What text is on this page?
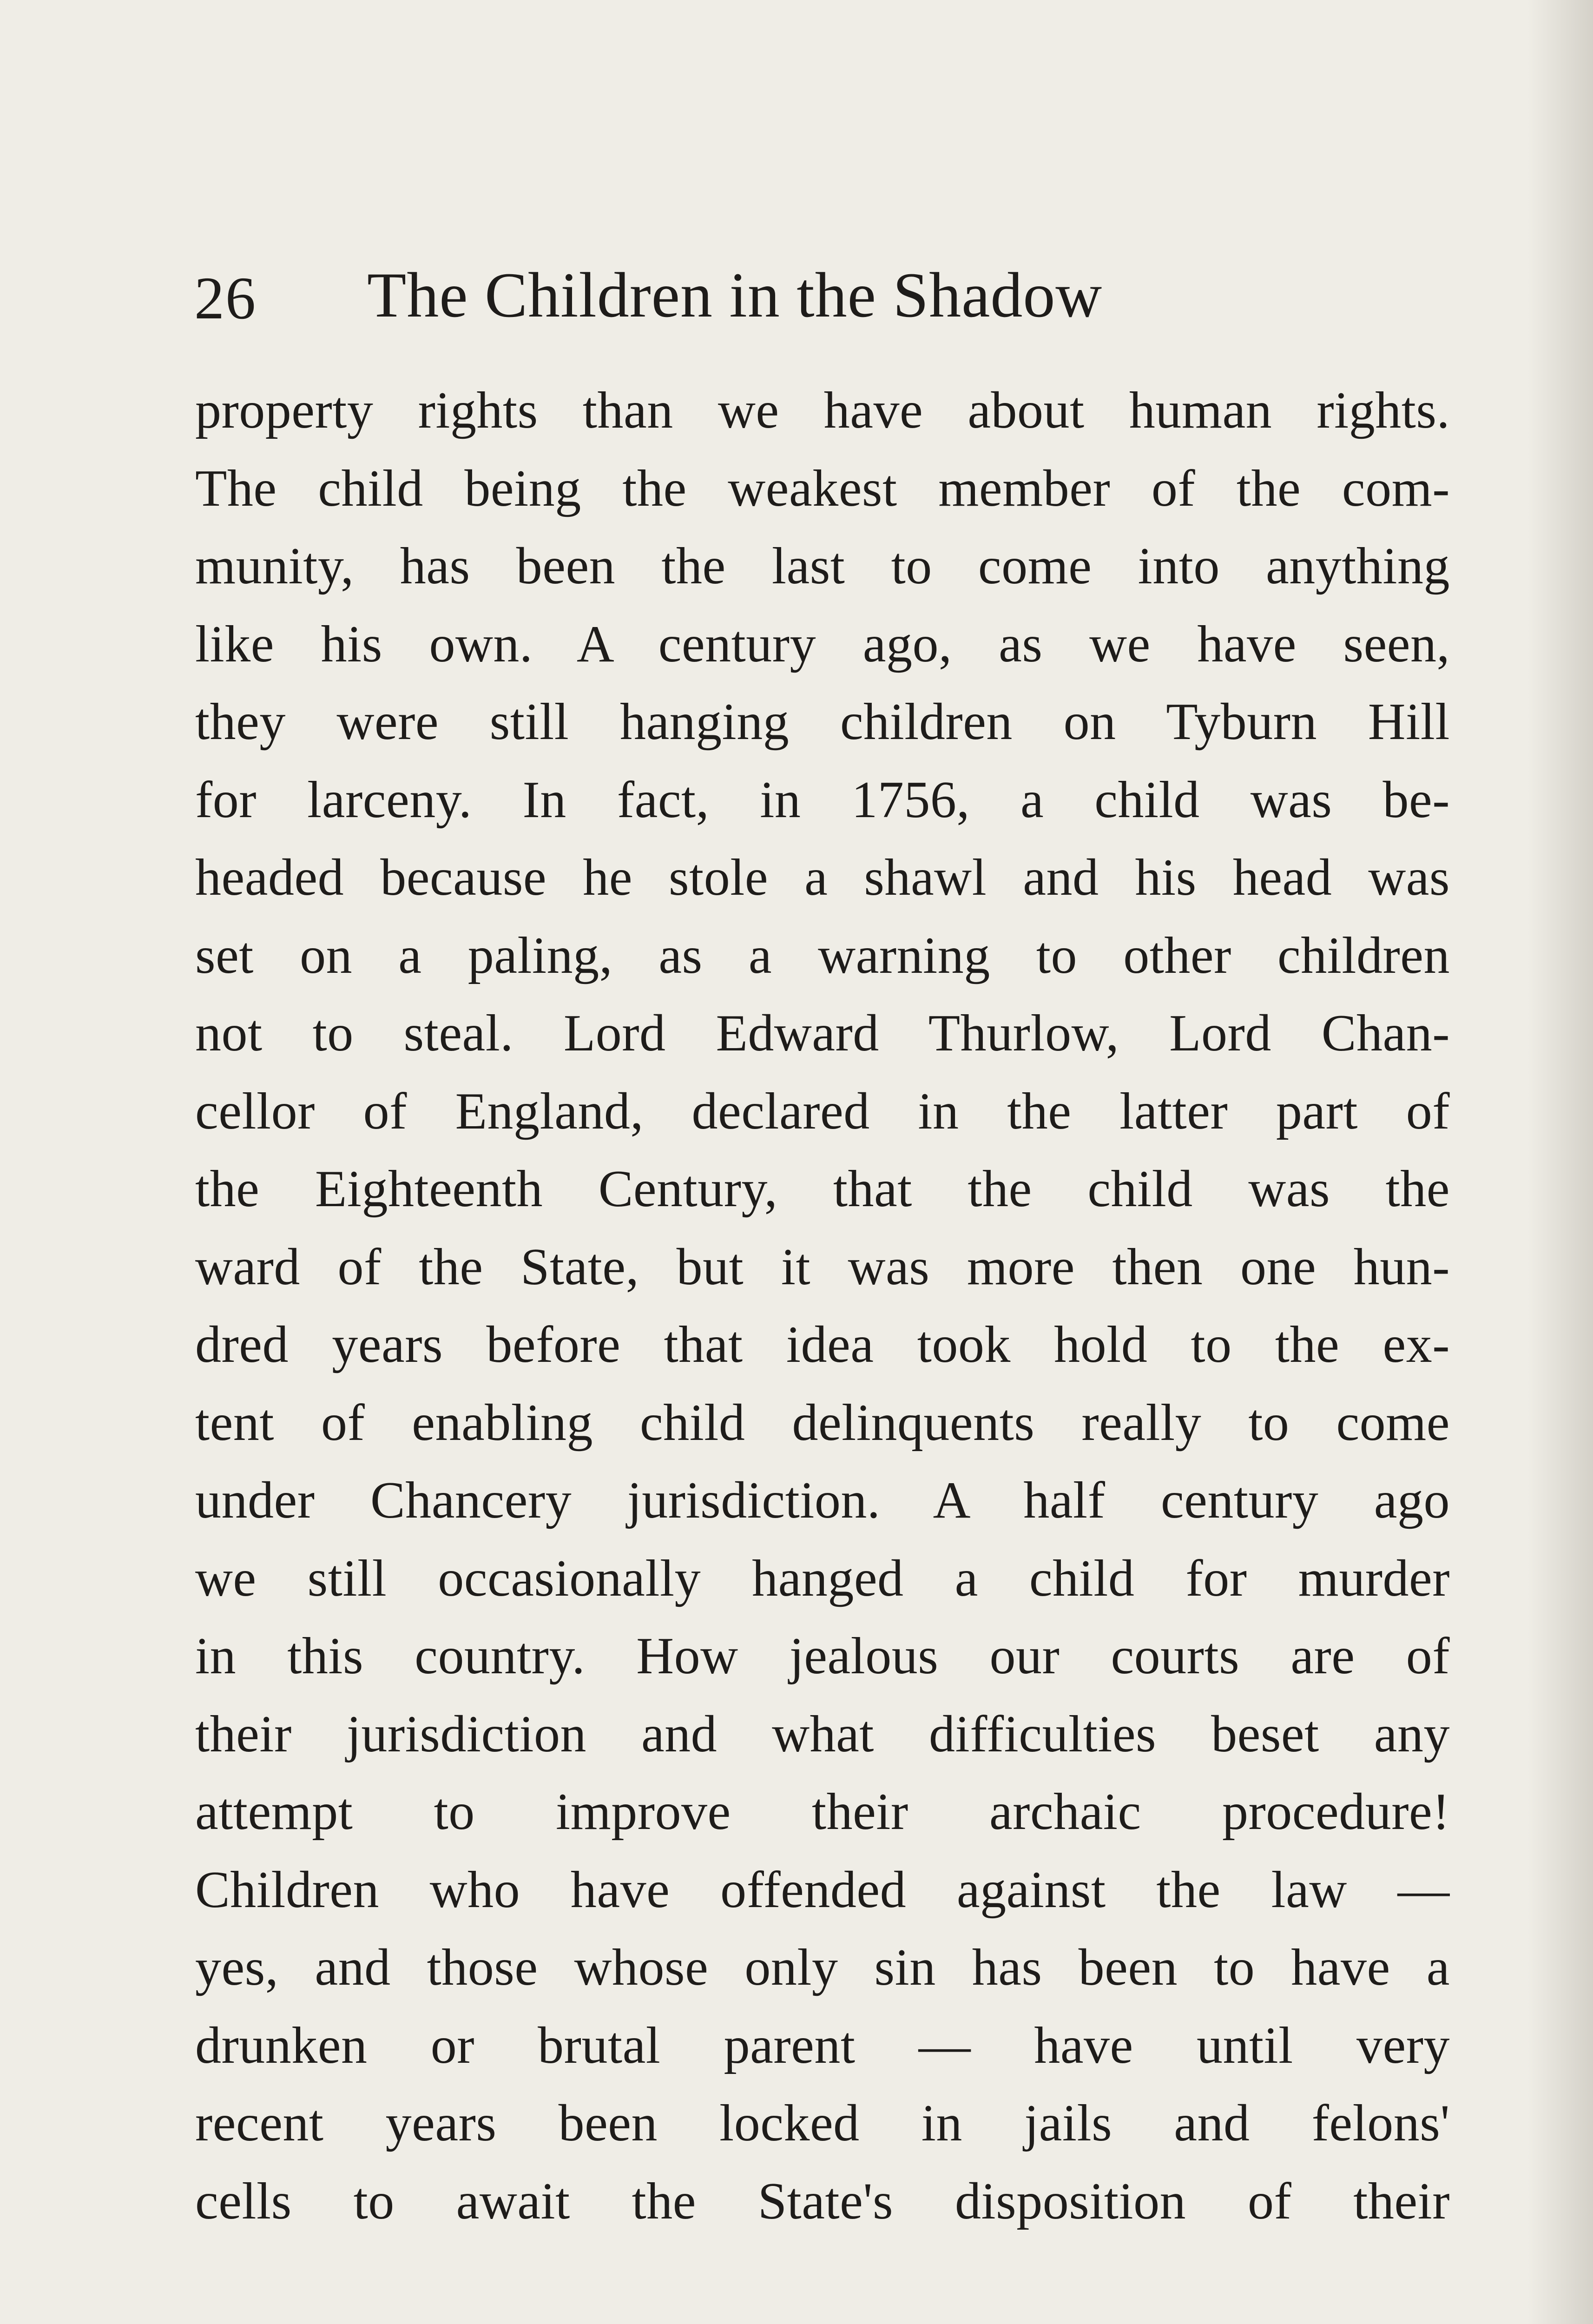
26 The Children in the Shadow
property rights than we have about human rights.
The child being the weakest member of the com-
munity, has been the last to come into anything
like his own. A century ago, as we have seen,
they were still hanging children on Tyburn Hill
for larceny. In fact, in 1756, a child was be-
headed because he stole a shawl and his head was
set on a paling, as a warning to other children
not to steal. Lord Edward Thurlow, Lord Chan-
cellor of England, declared in the latter part of
the Eighteenth Century, that the child was the
ward of the State, but it was more then one hun-
dred years before that idea took hold to the ex-
tent of enabling child delinquents really to come
under Chancery jurisdiction. A half century ago
we still occasionally hanged a child for murder
in this country. How jealous our courts are of
their jurisdiction and what difficulties beset any
attempt to improve their archaic procedure!
Children who have offended against the law —
yes, and those whose only sin has been to have a
drunken or brutal parent — have until very
recent years been locked in jails and felons'
cells to await the State's disposition of their
